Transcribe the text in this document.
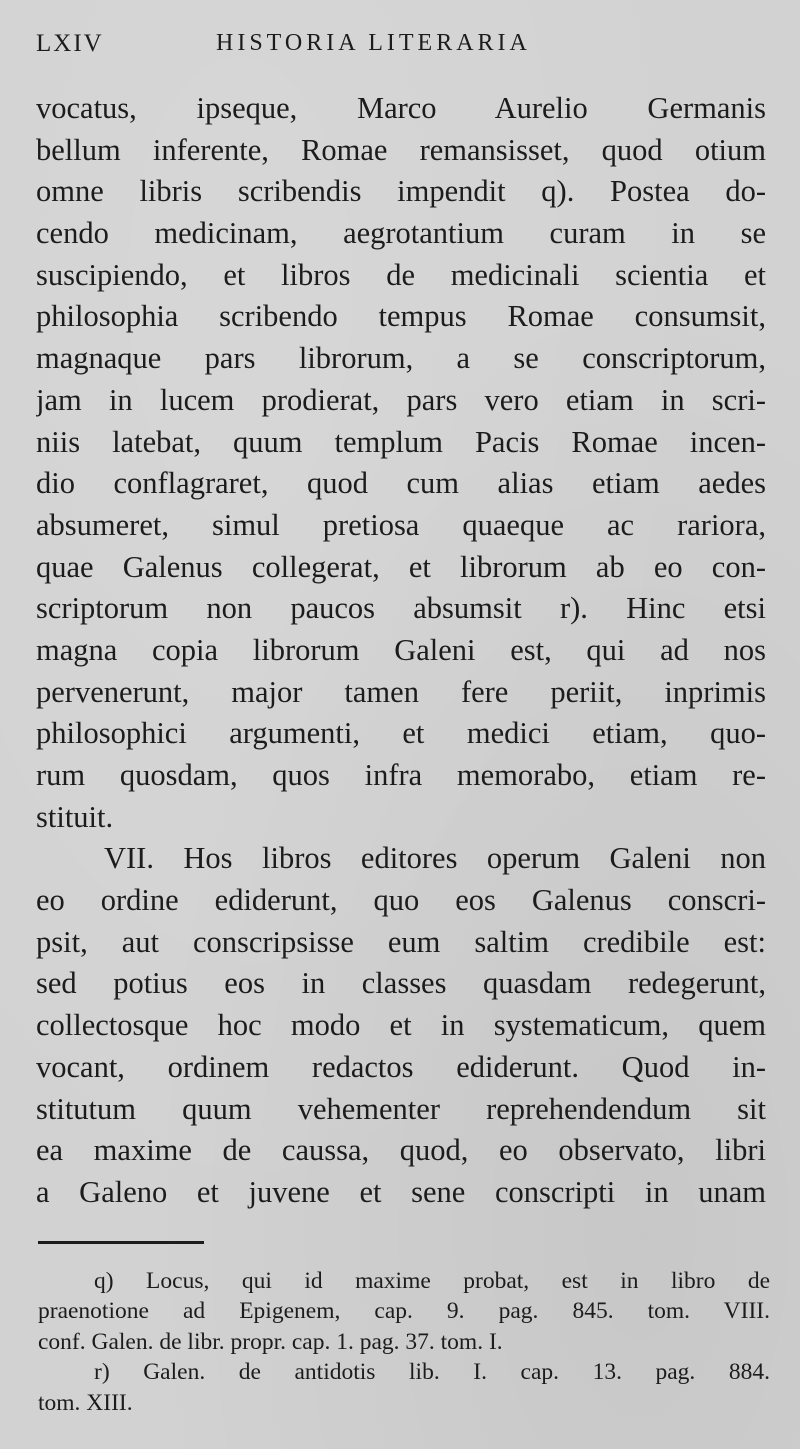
LXIV	HISTORIA LITERARIA
vocatus, ipseque, Marco Aurelio Germanis
bellum inferente, Romae remansisset, quod otium
omne libris scribendis impendit q). Postea do-
cendo medicinam, aegrotantium curam in se
suscipiendo, et libros de medicinali scientia et
philosophia scribendo tempus Romae consumsit,
magnaque pars librorum, a se conscriptorum,
jam in lucem prodierat, pars vero etiam in scri-
niis latebat, quum templum Pacis Romae incen-
dio conflagraret, quod cum alias etiam aedes
absumeret, simul pretiosa quaeque ac rariora,
quae Galenus collegerat, et librorum ab eo con-
scriptorum non paucos absumsit r). Hinc etsi
magna copia librorum Galeni est, qui ad nos
pervenerunt, major tamen fere periit, inprimis
philosophici argumenti, et medici etiam, quo-
rum quosdam, quos infra memorabo, etiam re-
stituit.
VII. Hos libros editores operum Galeni non
eo ordine ediderunt, quo eos Galenus conscri-
psit, aut conscripsisse eum saltim credibile est:
sed potius eos in classes quasdam redegerunt,
collectosque hoc modo et in systematicum, quem
vocant, ordinem redactos ediderunt. Quod in-
stitutum quum vehementer reprehendendum sit
ea maxime de caussa, quod, eo observato, libri
a Galeno et juvene et sene conscripti in unam
q) Locus, qui id maxime probat, est in libro de
praenotione ad Epigenem, cap. 9. pag. 845. tom. VIII.
conf. Galen. de libr. propr. cap. 1. pag. 37. tom. I.
r) Galen. de antidotis lib. I. cap. 13. pag. 884.
tom. XIII.
